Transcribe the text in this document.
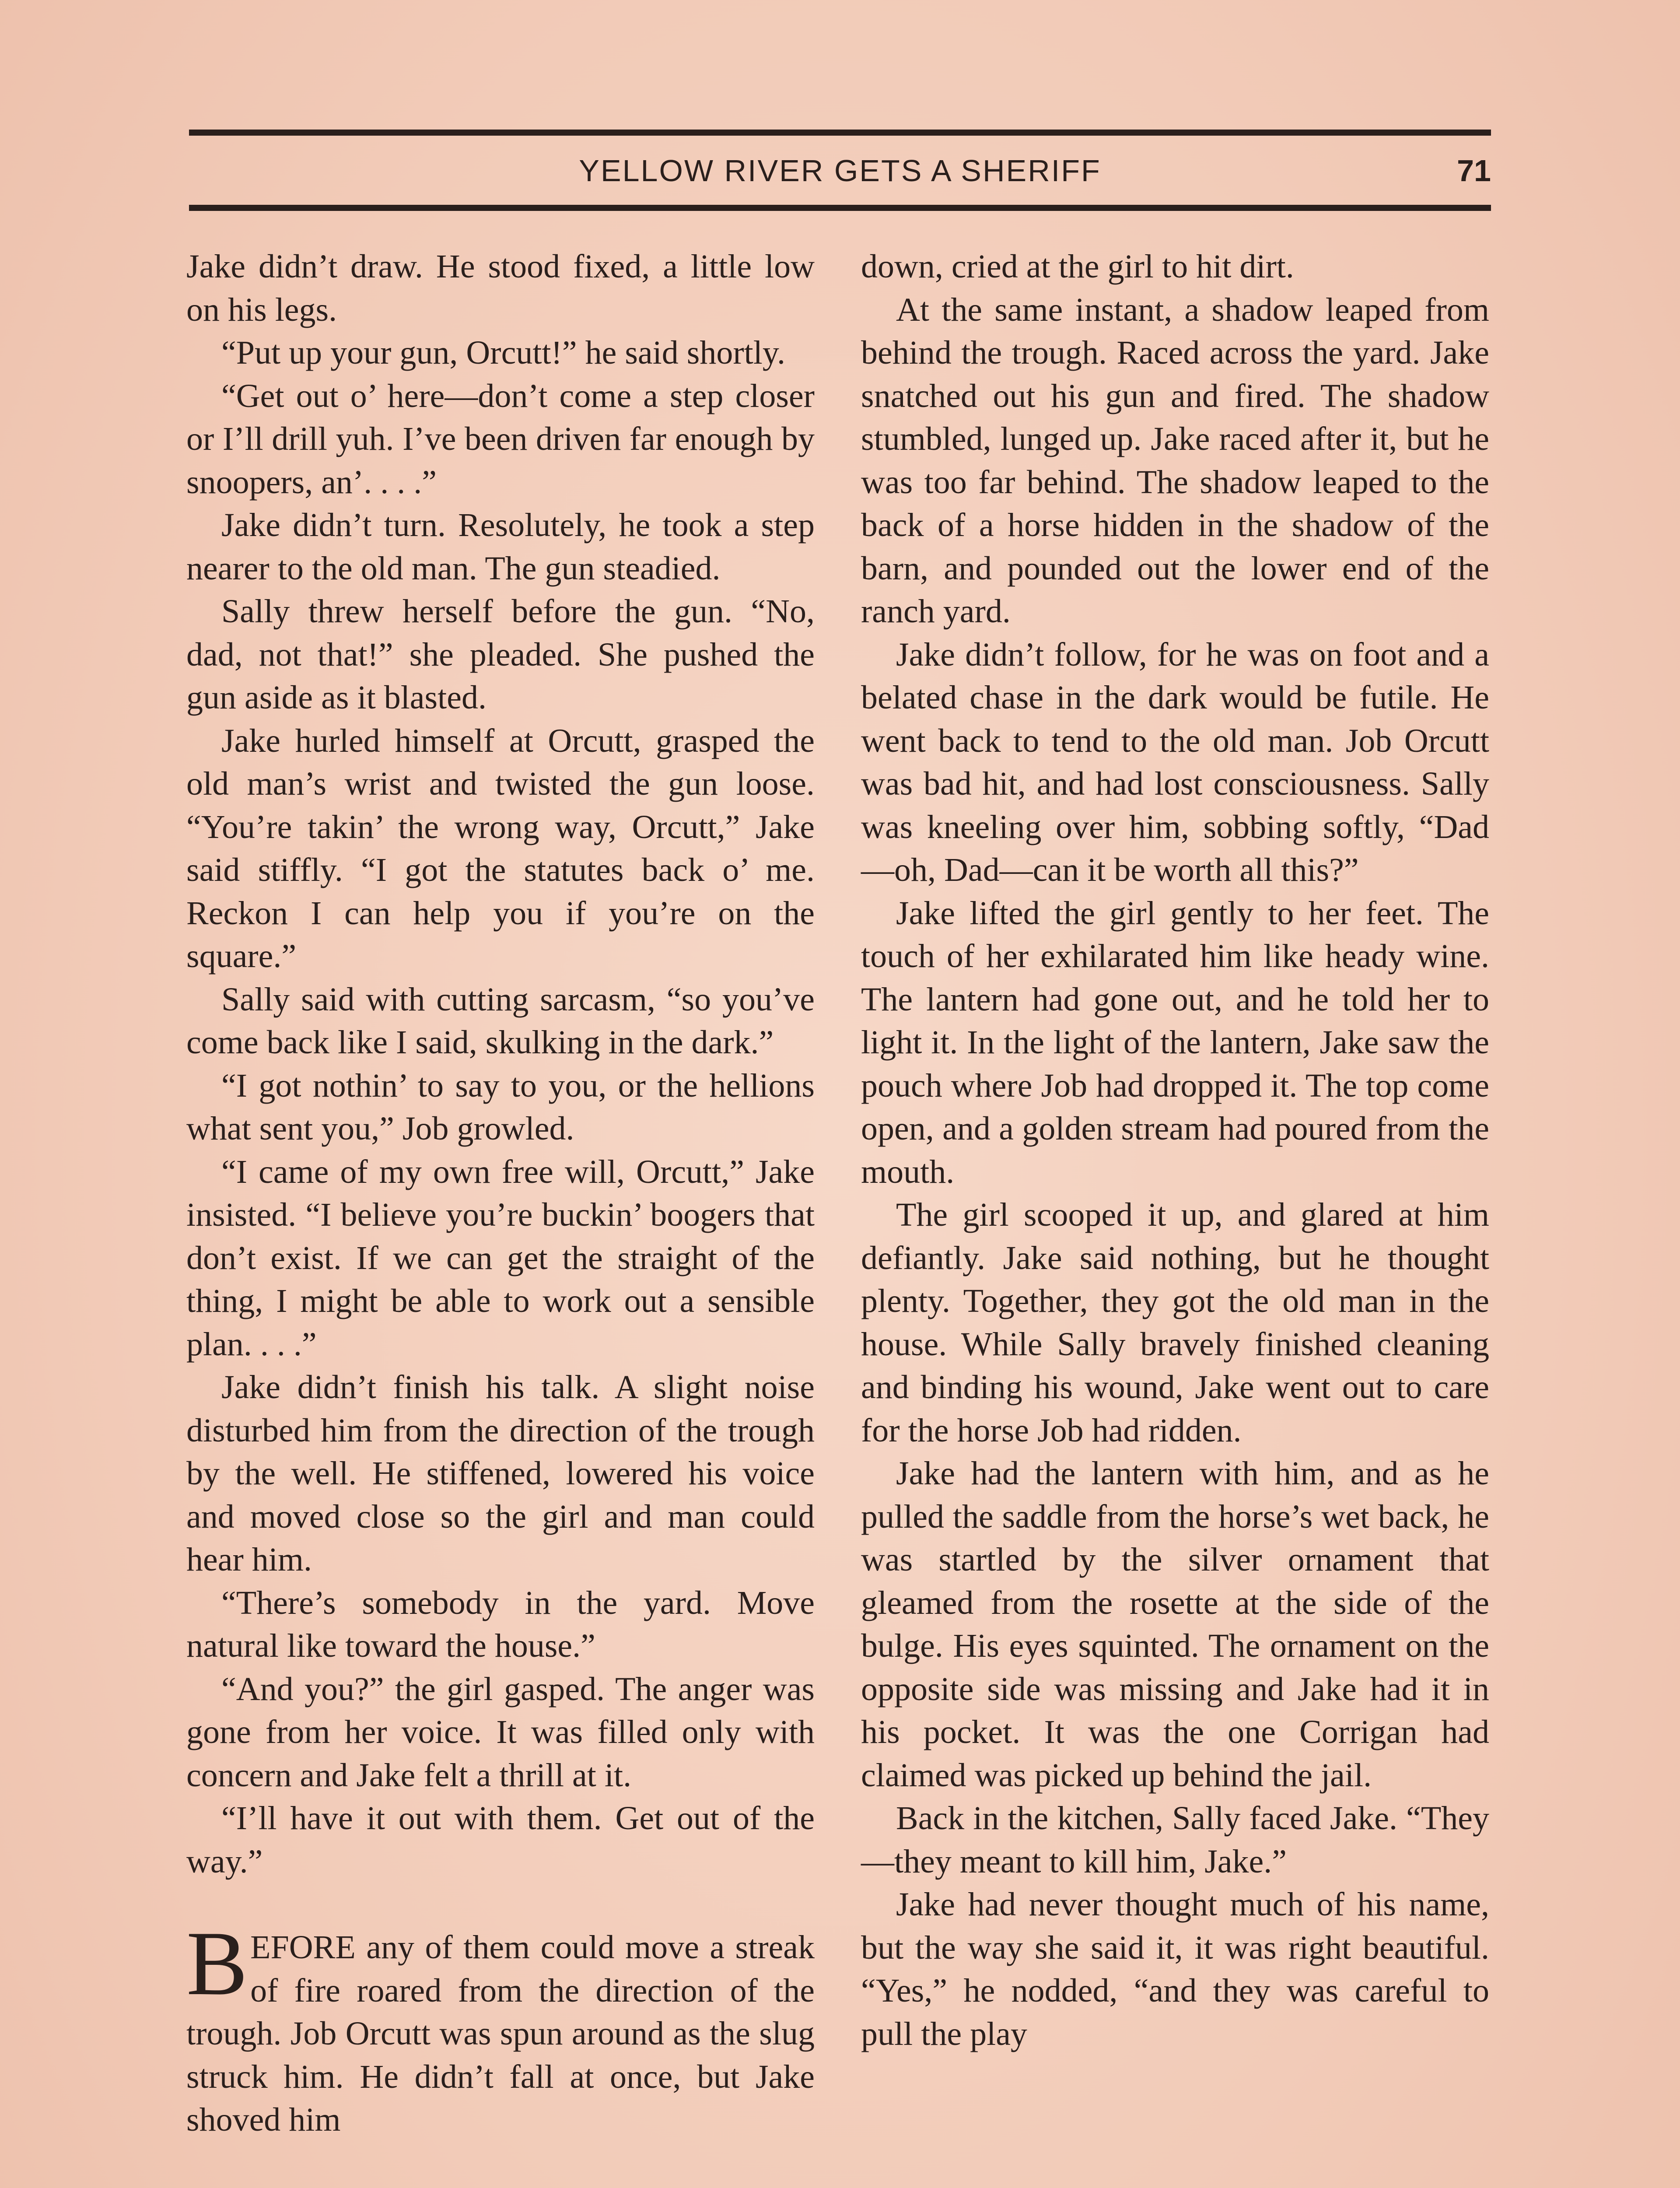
YELLOW RIVER GETS A SHERIFF	71

Jake didn’t draw. He stood fixed, a little low on his legs.

“Put up your gun, Orcutt!” he said shortly.

“Get out o’ here—don’t come a step closer or I’ll drill yuh. I’ve been driven far enough by snoopers, an’. . . .”

Jake didn’t turn. Resolutely, he took a step nearer to the old man. The gun steadied.

Sally threw herself before the gun. “No, dad, not that!” she pleaded. She pushed the gun aside as it blasted.

Jake hurled himself at Orcutt, grasped the old man’s wrist and twisted the gun loose. “You’re takin’ the wrong way, Orcutt,” Jake said stiffly. “I got the statutes back o’ me. Reckon I can help you if you’re on the square.”

Sally said with cutting sarcasm, “so you’ve come back like I said, skulking in the dark.”

“I got nothin’ to say to you, or the hellions what sent you,” Job growled.

“I came of my own free will, Orcutt,” Jake insisted. “I believe you’re buckin’ boogers that don’t exist. If we can get the straight of the thing, I might be able to work out a sensible plan. . . .”

Jake didn’t finish his talk. A slight noise disturbed him from the direction of the trough by the well. He stiffened, lowered his voice and moved close so the girl and man could hear him.

“There’s somebody in the yard. Move natural like toward the house.”

“And you?” the girl gasped. The anger was gone from her voice. It was filled only with concern and Jake felt a thrill at it.

“I’ll have it out with them. Get out of the way.”

BEFORE any of them could move a streak of fire roared from the direction of the trough. Job Orcutt was spun around as the slug struck him. He didn’t fall at once, but Jake shoved him

down, cried at the girl to hit dirt.

At the same instant, a shadow leaped from behind the trough. Raced across the yard. Jake snatched out his gun and fired. The shadow stumbled, lunged up. Jake raced after it, but he was too far behind. The shadow leaped to the back of a horse hidden in the shadow of the barn, and pounded out the lower end of the ranch yard.

Jake didn’t follow, for he was on foot and a belated chase in the dark would be futile. He went back to tend to the old man. Job Orcutt was bad hit, and had lost consciousness. Sally was kneeling over him, sobbing softly, “Dad —oh, Dad—can it be worth all this?”

Jake lifted the girl gently to her feet. The touch of her exhilarated him like heady wine. The lantern had gone out, and he told her to light it. In the light of the lantern, Jake saw the pouch where Job had dropped it. The top come open, and a golden stream had poured from the mouth.

The girl scooped it up, and glared at him defiantly. Jake said nothing, but he thought plenty. Together, they got the old man in the house. While Sally bravely finished cleaning and binding his wound, Jake went out to care for the horse Job had ridden.

Jake had the lantern with him, and as he pulled the saddle from the horse’s wet back, he was startled by the silver ornament that gleamed from the rosette at the side of the bulge. His eyes squinted. The ornament on the opposite side was missing and Jake had it in his pocket. It was the one Corrigan had claimed was picked up behind the jail.

Back in the kitchen, Sally faced Jake. “They—they meant to kill him, Jake.”

Jake had never thought much of his name, but the way she said it, it was right beautiful. “Yes,” he nodded, “and they was careful to pull the play
